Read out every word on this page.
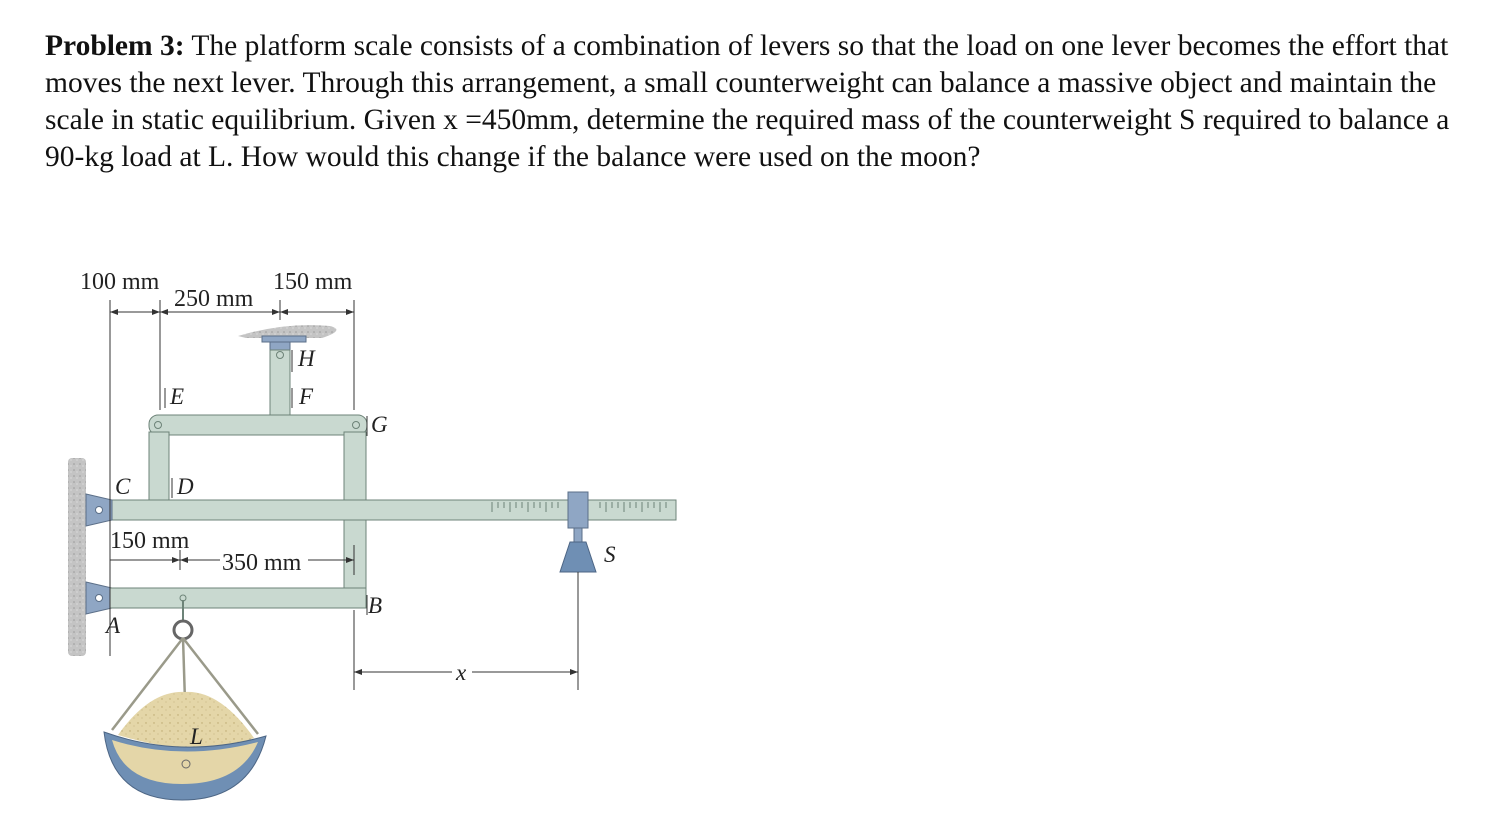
Problem 3: The platform scale consists of a combination of levers so that the load on one lever becomes the effort that moves the next lever. Through this arrangement, a small counterweight can balance a massive object and maintain the scale in static equilibrium. Given x =450mm, determine the required mass of the counterweight S required to balance a 90-kg load at L. How would this change if the balance were used on the moon?
100 mm
250 mm
150 mm
150 mm
350 mm
x
H
F
E
G
C D
A
B
S
L
